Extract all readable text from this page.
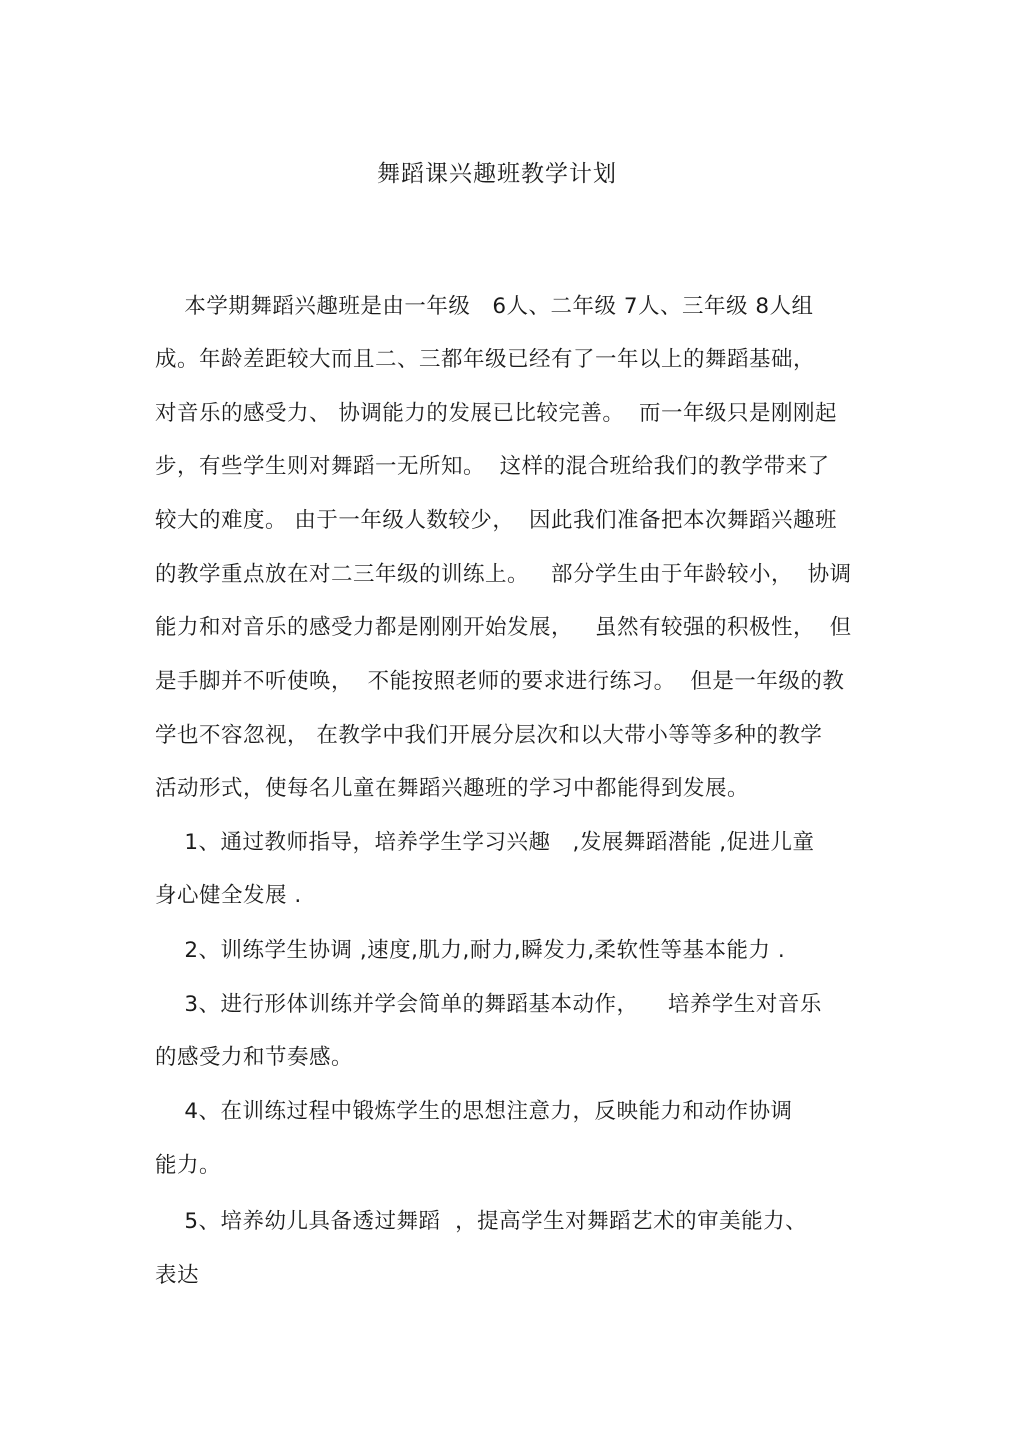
舞蹈课兴趣班教学计划
本学期舞蹈兴趣班是由一年级   6人、二年级 7人、三年级 8人组
成。年龄差距较大而且二、三都年级已经有了一年以上的舞蹈基础，
对音乐的感受力、 协调能力的发展已比较完善。  而一年级只是刚刚起
步，有些学生则对舞蹈一无所知。  这样的混合班给我们的教学带来了
较大的难度。 由于一年级人数较少，  因此我们准备把本次舞蹈兴趣班
的教学重点放在对二三年级的训练上。   部分学生由于年龄较小，  协调
能力和对音乐的感受力都是刚刚开始发展，   虽然有较强的积极性，  但
是手脚并不听使唤，  不能按照老师的要求进行练习。  但是一年级的教
学也不容忽视， 在教学中我们开展分层次和以大带小等等多种的教学
活动形式，使每名儿童在舞蹈兴趣班的学习中都能得到发展。
1、通过教师指导，培养学生学习兴趣   ,发展舞蹈潜能 ,促进儿童
身心健全发展 .
2、训练学生协调 ,速度,肌力,耐力,瞬发力,柔软性等基本能力 .
3、进行形体训练并学会简单的舞蹈基本动作，    培养学生对音乐
的感受力和节奏感。
4、在训练过程中锻炼学生的思想注意力，反映能力和动作协调
能力。
5、培养幼儿具备透过舞蹈  ，提高学生对舞蹈艺术的审美能力、
表达
